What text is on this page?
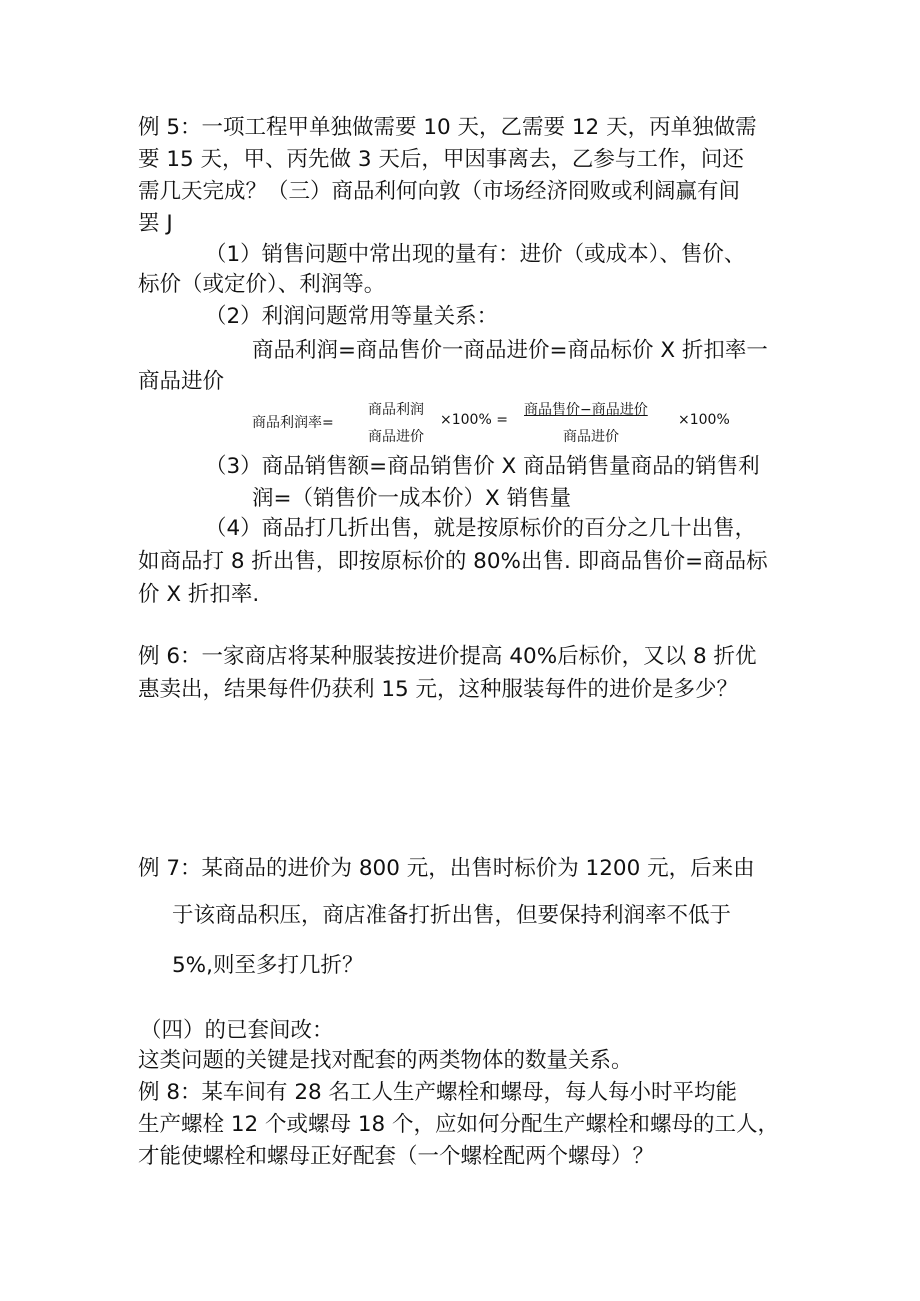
例 5：一项工程甲单独做需要 10 天，乙需要 12 天，丙单独做需
要 15 天，甲、丙先做 3 天后，甲因事离去，乙参与工作，问还
需几天完成？（三）商品利何向敦（市场经济冏败或利阔赢有间
罢 J
（1）销售问题中常出现的量有：进价（或成本）、售价、
标价（或定价）、利润等。
（2）利润问题常用等量关系：
商品利润=商品售价一商品进价=商品标价 X 折扣率一
商品进价
商品利润率=
商品利润
商品进价
×100% =
商品售价−商品进价
商品进价
×100%
（3）商品销售额=商品销售价 X 商品销售量商品的销售利
润=（销售价一成本价）X 销售量
（4）商品打几折出售，就是按原标价的百分之几十出售，
如商品打 8 折出售，即按原标价的 80%出售. 即商品售价=商品标
价 X 折扣率.
例 6：一家商店将某种服装按进价提高 40%后标价，又以 8 折优
惠卖出，结果每件仍获利 15 元，这种服装每件的进价是多少？
例 7：某商品的进价为 800 元，出售时标价为 1200 元，后来由
于该商品积压，商店准备打折出售，但要保持利润率不低于
5%,则至多打几折？
（四）的已套间改：
这类问题的关键是找对配套的两类物体的数量关系。
例 8：某车间有 28 名工人生产螺栓和螺母，每人每小时平均能
生产螺栓 12 个或螺母 18 个，应如何分配生产螺栓和螺母的工人，
才能使螺栓和螺母正好配套（一个螺栓配两个螺母）？
